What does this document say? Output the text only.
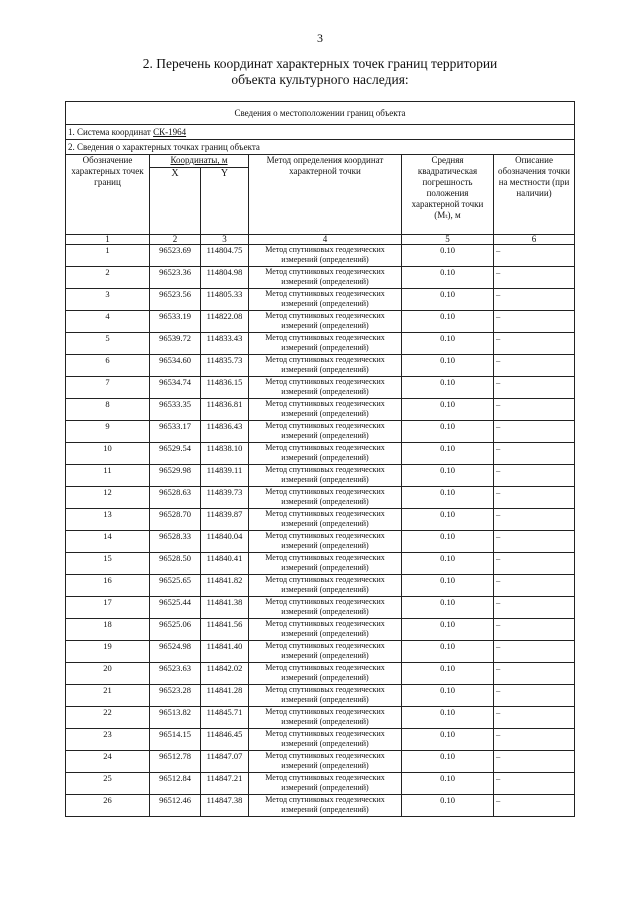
3
2. Перечень координат характерных точек границ территории
объекта культурного наследия:
Сведения о местоположении границ объекта					
1. Система координат СК-1964					
2. Сведения о характерных точках границ объекта					
Обозначение характерных точек границ	Координаты, м		Метод определения координат характерной точки	Средняя квадратическая погрешность положения характерной точки (Mₜ), м	Описание обозначения точки на местности (при наличии)
	X	Y			
1	2	3	4	5	6
1	96523.69	114804.75	Метод спутниковых геодезических измерений (определений)	0.10	–
2	96523.36	114804.98	Метод спутниковых геодезических измерений (определений)	0.10	–
3	96523.56	114805.33	Метод спутниковых геодезических измерений (определений)	0.10	–
4	96533.19	114822.08	Метод спутниковых геодезических измерений (определений)	0.10	–
5	96539.72	114833.43	Метод спутниковых геодезических измерений (определений)	0.10	–
6	96534.60	114835.73	Метод спутниковых геодезических измерений (определений)	0.10	–
7	96534.74	114836.15	Метод спутниковых геодезических измерений (определений)	0.10	–
8	96533.35	114836.81	Метод спутниковых геодезических измерений (определений)	0.10	–
9	96533.17	114836.43	Метод спутниковых геодезических измерений (определений)	0.10	–
10	96529.54	114838.10	Метод спутниковых геодезических измерений (определений)	0.10	–
11	96529.98	114839.11	Метод спутниковых геодезических измерений (определений)	0.10	–
12	96528.63	114839.73	Метод спутниковых геодезических измерений (определений)	0.10	–
13	96528.70	114839.87	Метод спутниковых геодезических измерений (определений)	0.10	–
14	96528.33	114840.04	Метод спутниковых геодезических измерений (определений)	0.10	–
15	96528.50	114840.41	Метод спутниковых геодезических измерений (определений)	0.10	–
16	96525.65	114841.82	Метод спутниковых геодезических измерений (определений)	0.10	–
17	96525.44	114841.38	Метод спутниковых геодезических измерений (определений)	0.10	–
18	96525.06	114841.56	Метод спутниковых геодезических измерений (определений)	0.10	–
19	96524.98	114841.40	Метод спутниковых геодезических измерений (определений)	0.10	–
20	96523.63	114842.02	Метод спутниковых геодезических измерений (определений)	0.10	–
21	96523.28	114841.28	Метод спутниковых геодезических измерений (определений)	0.10	–
22	96513.82	114845.71	Метод спутниковых геодезических измерений (определений)	0.10	–
23	96514.15	114846.45	Метод спутниковых геодезических измерений (определений)	0.10	–
24	96512.78	114847.07	Метод спутниковых геодезических измерений (определений)	0.10	–
25	96512.84	114847.21	Метод спутниковых геодезических измерений (определений)	0.10	–
26	96512.46	114847.38	Метод спутниковых геодезических измерений (определений)	0.10	–
